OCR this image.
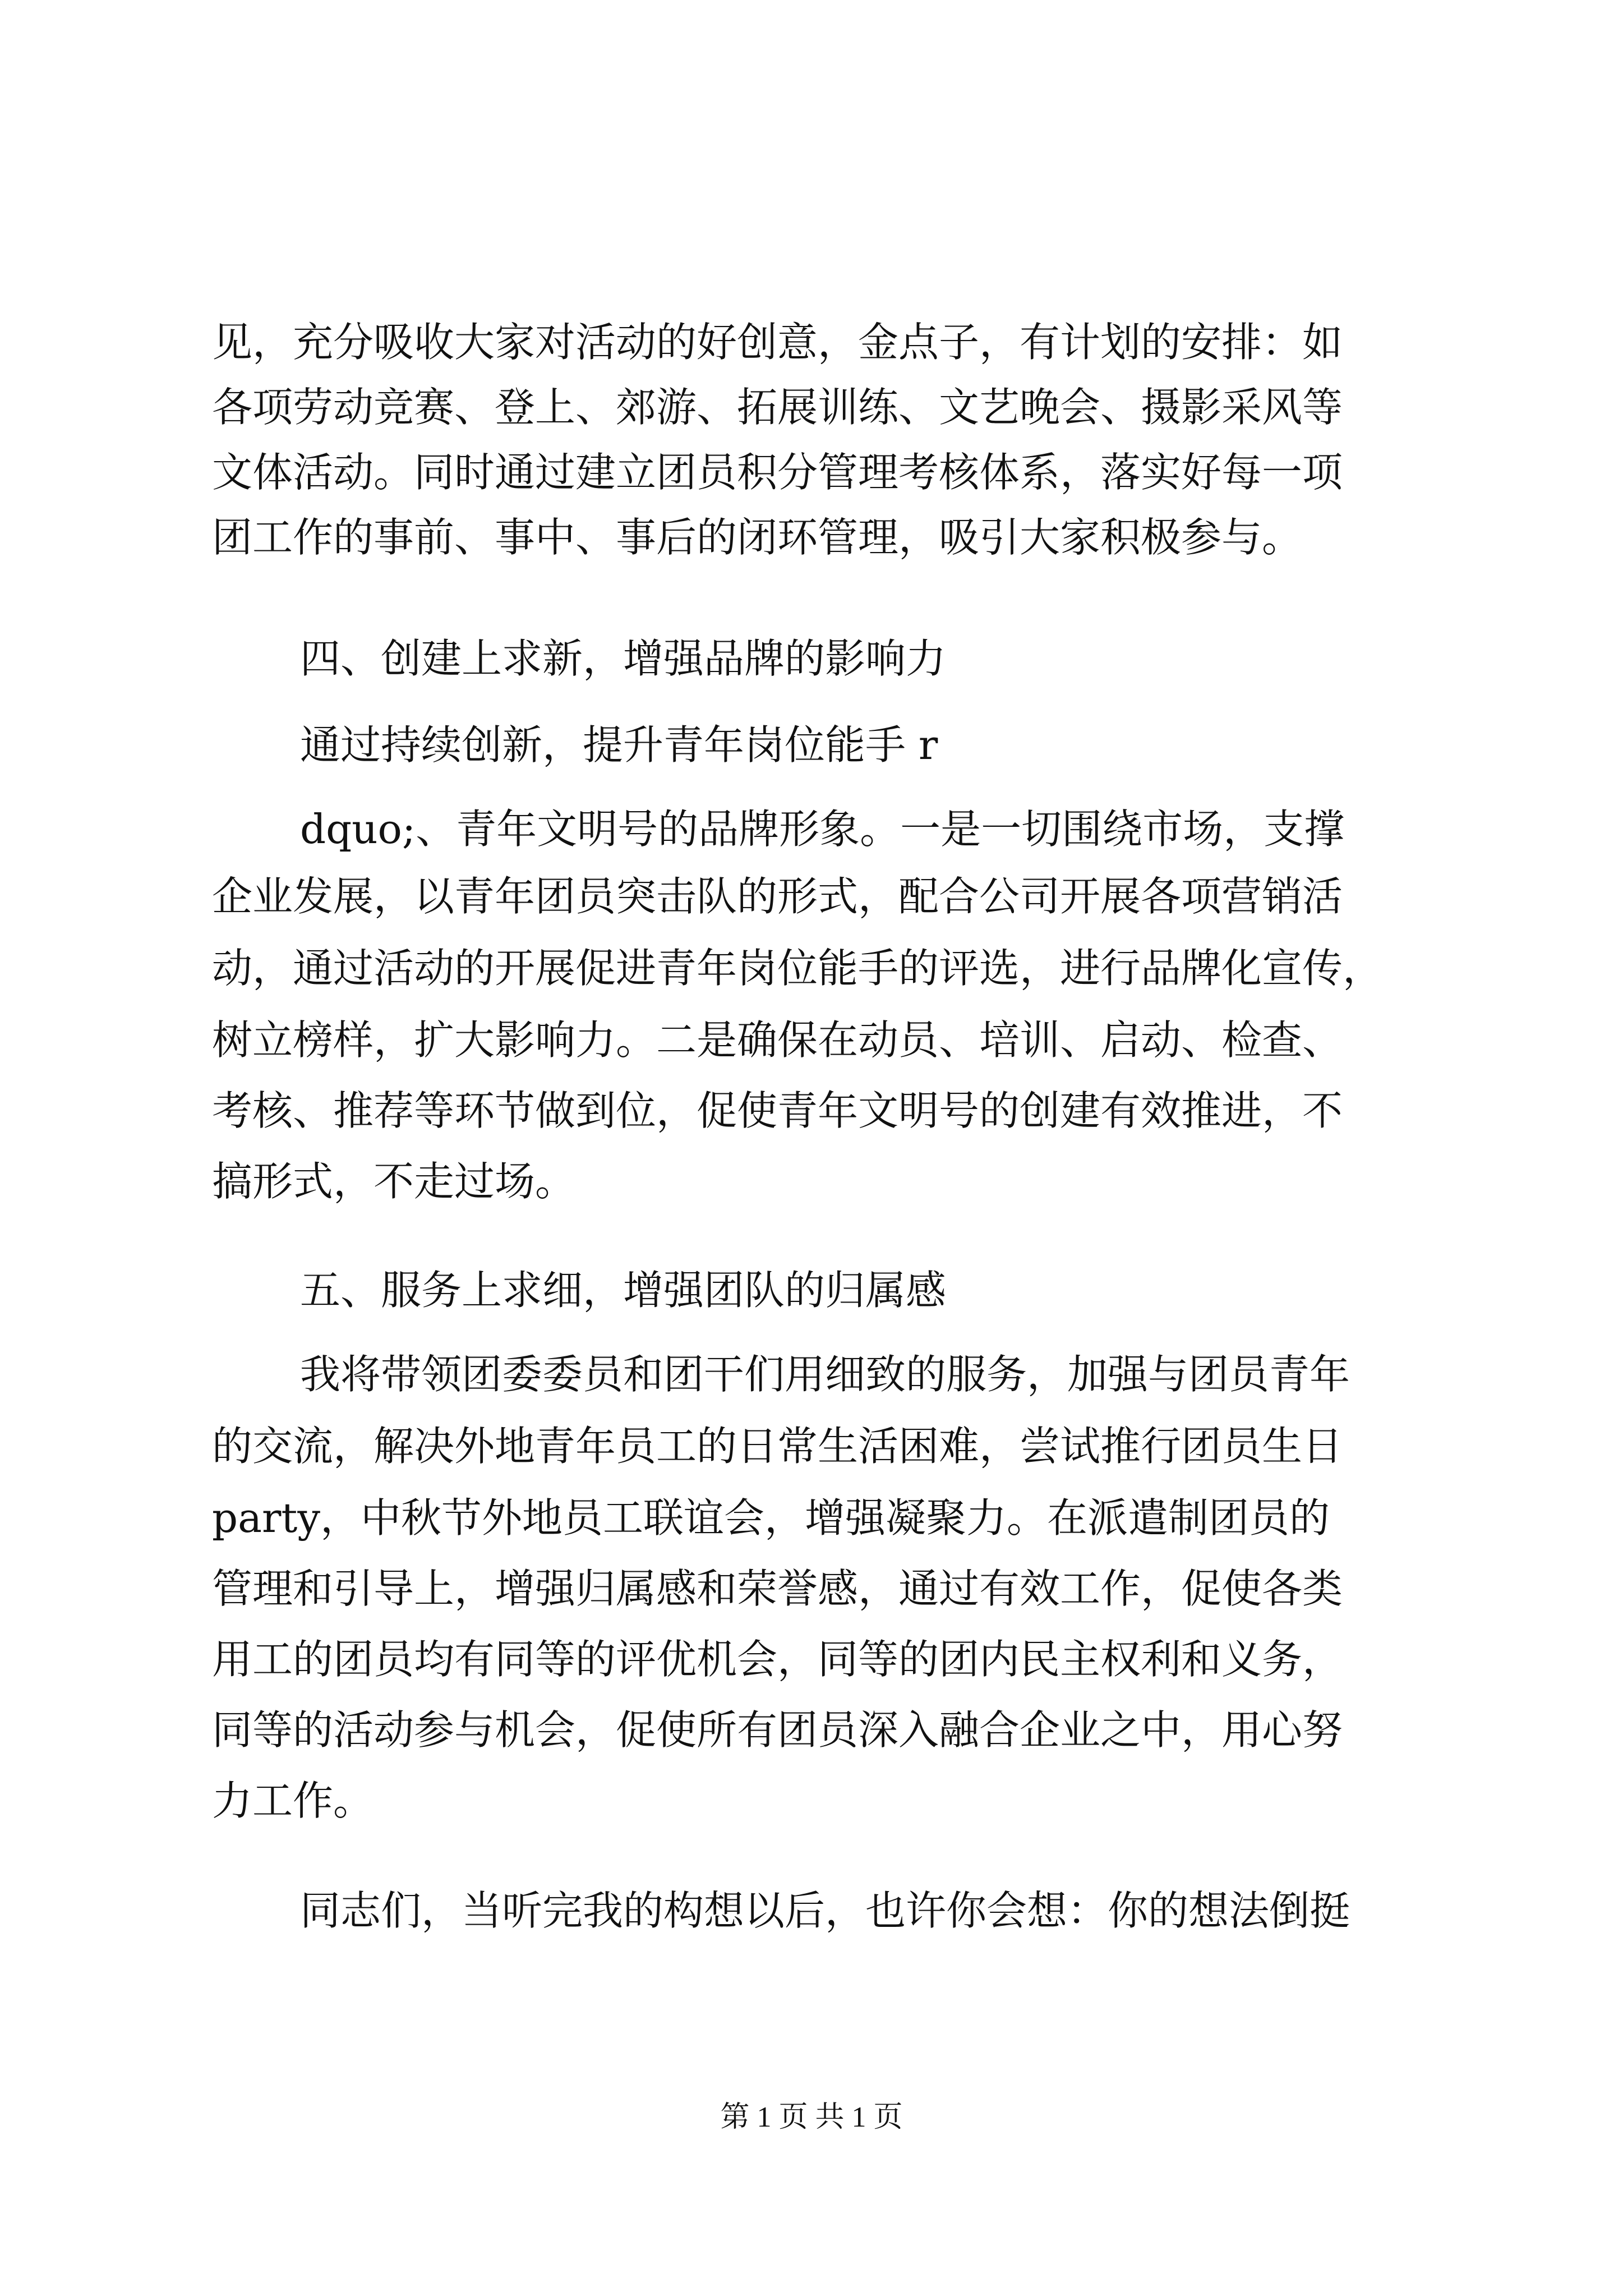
见，充分吸收大家对活动的好创意，金点子，有计划的安排：如
各项劳动竞赛、登上、郊游、拓展训练、文艺晚会、摄影采风等
文体活动。同时通过建立团员积分管理考核体系，落实好每一项
团工作的事前、事中、事后的闭环管理，吸引大家积极参与。
四、创建上求新，增强品牌的影响力
通过持续创新，提升青年岗位能手 r
dquo;、青年文明号的品牌形象。一是一切围绕市场，支撑
企业发展，以青年团员突击队的形式，配合公司开展各项营销活
动，通过活动的开展促进青年岗位能手的评选，进行品牌化宣传，
树立榜样，扩大影响力。二是确保在动员、培训、启动、检查、
考核、推荐等环节做到位，促使青年文明号的创建有效推进，不
搞形式，不走过场。
五、服务上求细，增强团队的归属感
我将带领团委委员和团干们用细致的服务，加强与团员青年
的交流，解决外地青年员工的日常生活困难，尝试推行团员生日
party，中秋节外地员工联谊会，增强凝聚力。在派遣制团员的
管理和引导上，增强归属感和荣誉感，通过有效工作，促使各类
用工的团员均有同等的评优机会，同等的团内民主权利和义务，
同等的活动参与机会，促使所有团员深入融合企业之中，用心努
力工作。
同志们，当听完我的构想以后，也许你会想：你的想法倒挺
第 1 页 共 1 页
